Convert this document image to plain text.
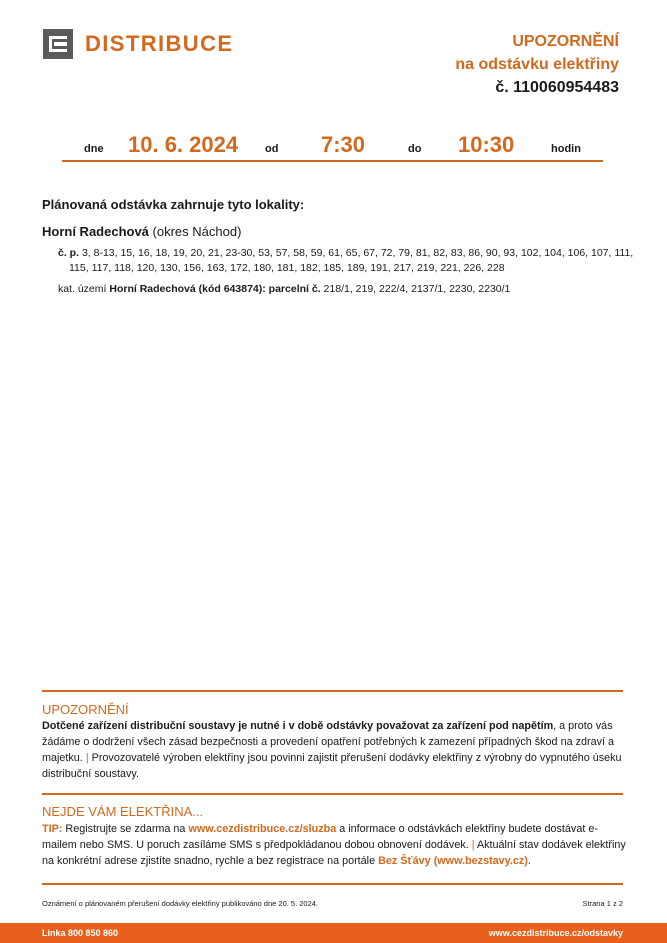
DISTRIBUCE	UPOZORNĚNÍ
na odstávku elektřiny
č. 110060954483
dne 10. 6. 2024 od 7:30	do 10:30	hodin
Plánovaná odstávka zahrnuje tyto lokality:
Horní Radechová (okres Náchod)
č. p. 3, 8-13, 15, 16, 18, 19, 20, 21, 23-30, 53, 57, 58, 59, 61, 65, 67, 72, 79, 81, 82, 83, 86, 90, 93, 102, 104, 106, 107, 111, 115, 117, 118, 120, 130, 156, 163, 172, 180, 181, 182, 185, 189, 191, 217, 219, 221, 226, 228
kat. území Horní Radechová (kód 643874): parcelní č. 218/1, 219, 222/4, 2137/1, 2230, 2230/1
UPOZORNĚNÍ
Dotčené zařízení distribuční soustavy je nutné i v době odstávky považovat za zařízení pod napětím, a proto vás žádáme o dodržení všech zásad bezpečnosti a provedení opatření potřebných k zamezení případných škod na zdraví a majetku. | Provozovatelé výroben elektřiny jsou povinni zajistit přerušení dodávky elektřiny z výrobny do vypnutého úseku distribuční soustavy.
NEJDE VÁM ELEKTŘINA...
TIP: Registrujte se zdarma na www.cezdistribuce.cz/sluzba a informace o odstávkách elektřiny budete dostávat e-mailem nebo SMS. U poruch zasíláme SMS s předpokládanou dobou obnovení dodávek. | Aktuální stav dodávek elektřiny na konkrétní adrese zjistíte snadno, rychle a bez registrace na portále Bez Šťávy (www.bezstavy.cz).
Oznámení o plánovaném přerušení dodávky elektřiny publikováno dne 20. 5. 2024.	Strana 1 z 2
Linka 800 850 860	www.cezdistribuce.cz/odstavky
